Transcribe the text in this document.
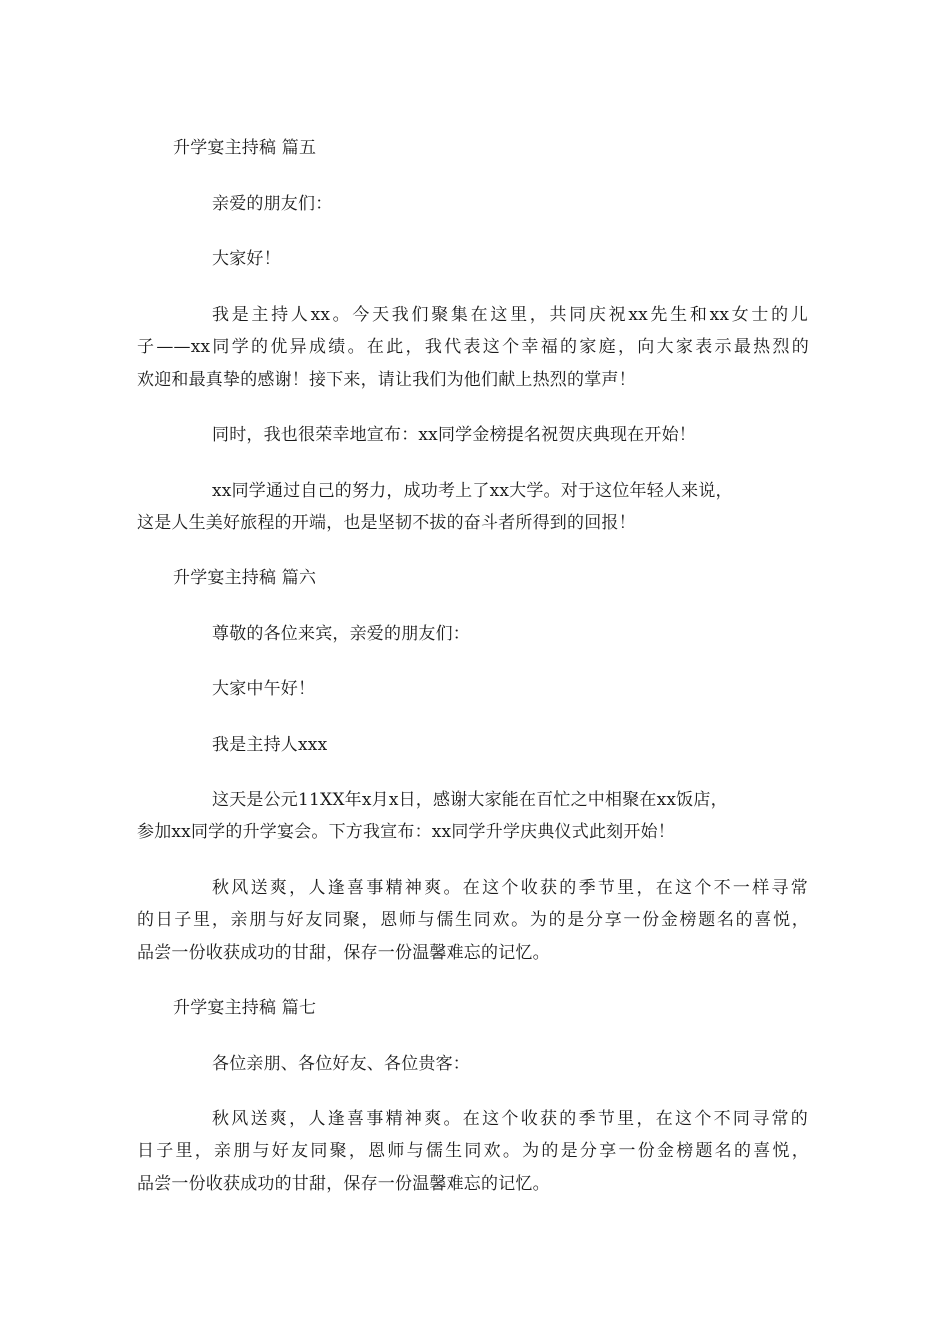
升学宴主持稿 篇五
亲爱的朋友们：
大家好！
我是主持人xx。今天我们聚集在这里，共同庆祝xx先生和xx女士的儿
子——xx同学的优异成绩。在此，我代表这个幸福的家庭，向大家表示最热烈的
欢迎和最真挚的感谢！接下来，请让我们为他们献上热烈的掌声！
同时，我也很荣幸地宣布：xx同学金榜提名祝贺庆典现在开始！
xx同学通过自己的努力，成功考上了xx大学。对于这位年轻人来说，
这是人生美好旅程的开端，也是坚韧不拔的奋斗者所得到的回报！
升学宴主持稿 篇六
尊敬的各位来宾，亲爱的朋友们：
大家中午好！
我是主持人xxx
这天是公元11XX年x月x日，感谢大家能在百忙之中相聚在xx饭店，
参加xx同学的升学宴会。下方我宣布：xx同学升学庆典仪式此刻开始！
秋风送爽，人逢喜事精神爽。在这个收获的季节里，在这个不一样寻常
的日子里，亲朋与好友同聚，恩师与儒生同欢。为的是分享一份金榜题名的喜悦，
品尝一份收获成功的甘甜，保存一份温馨难忘的记忆。
升学宴主持稿 篇七
各位亲朋、各位好友、各位贵客：
秋风送爽，人逢喜事精神爽。在这个收获的季节里，在这个不同寻常的
日子里，亲朋与好友同聚，恩师与儒生同欢。为的是分享一份金榜题名的喜悦，
品尝一份收获成功的甘甜，保存一份温馨难忘的记忆。
